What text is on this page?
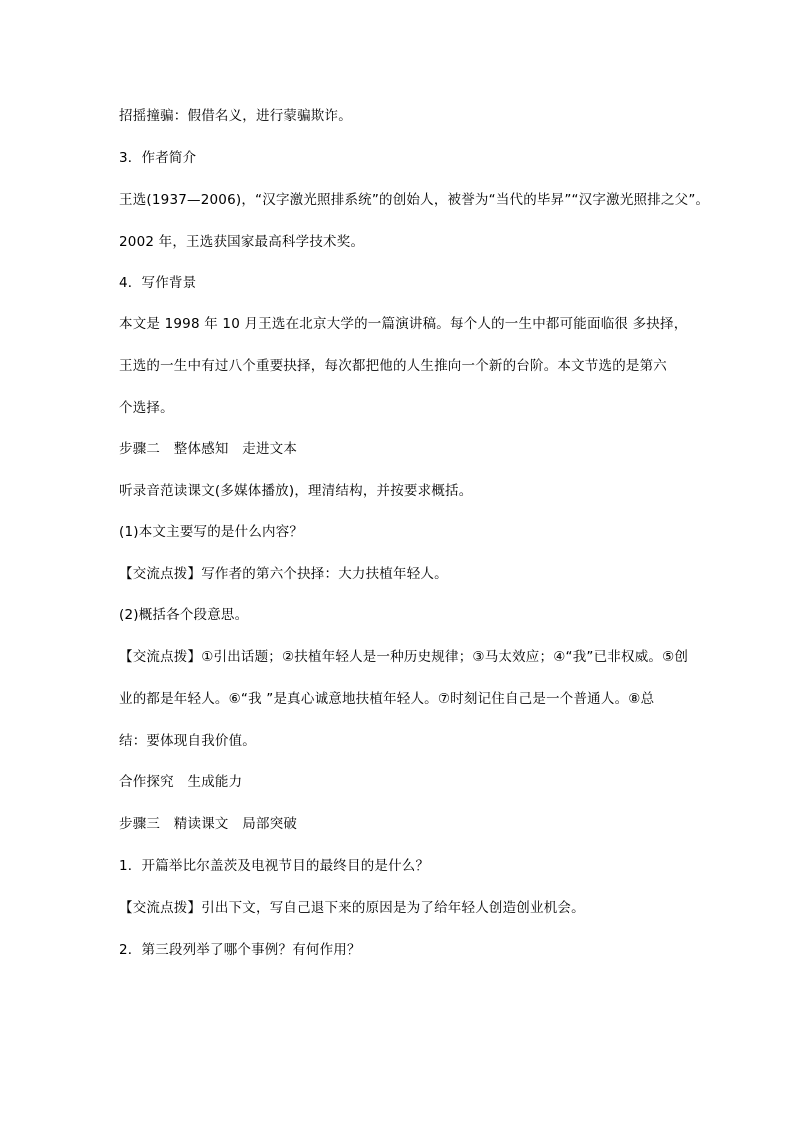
招摇撞骗：假借名义，进行蒙骗欺诈。
3．作者简介
王选(1937—2006)，“汉字激光照排系统”的创始人，被誉为“当代的毕昇”“汉字激光照排之父”。
2002 年，王选获国家最高科学技术奖。
4．写作背景
本文是 1998 年 10 月王选在北京大学的一篇演讲稿。每个人的一生中都可能面临很 多抉择，
王选的一生中有过八个重要抉择，每次都把他的人生推向一个新的台阶。本文节选的是第六
个选择。
步骤二　整体感知　走进文本
听录音范读课文(多媒体播放)，理清结构，并按要求概括。
(1)本文主要写的是什么内容？
【交流点拨】写作者的第六个抉择：大力扶植年轻人。
(2)概括各个段意思。
【交流点拨】①引出话题；②扶植年轻人是一种历史规律；③马太效应；④“我”已非权威。⑤创
业的都是年轻人。⑥“我 ”是真心诚意地扶植年轻人。⑦时刻记住自己是一个普通人。⑧总
结：要体现自我价值。
合作探究　生成能力
步骤三　精读课文　局部突破
1．开篇举比尔盖茨及电视节目的最终目的是什么？
【交流点拨】引出下文，写自己退下来的原因是为了给年轻人创造创业机会。
2．第三段列举了哪个事例？有何作用？
